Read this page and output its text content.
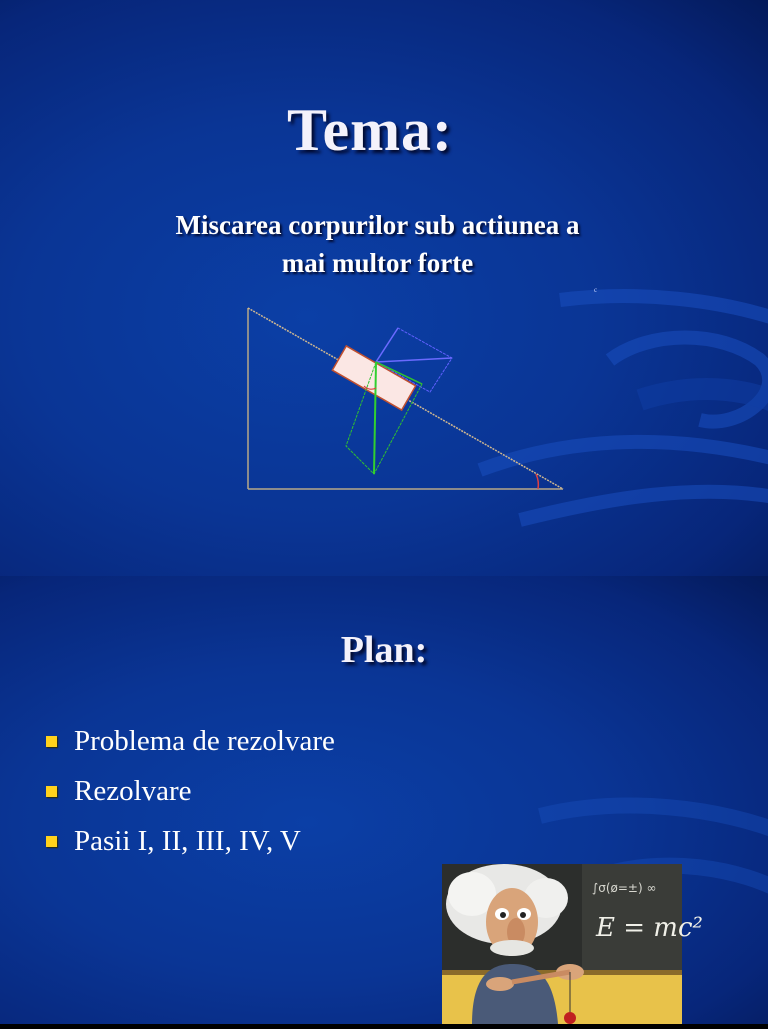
Tema:
Miscarea corpurilor sub actiunea a
mai multor forte
c
Plan:
Problema de rezolvare
Rezolvare
Pasii I, II, III, IV, V
∫σ(ø=±) ∞
E = mc²
